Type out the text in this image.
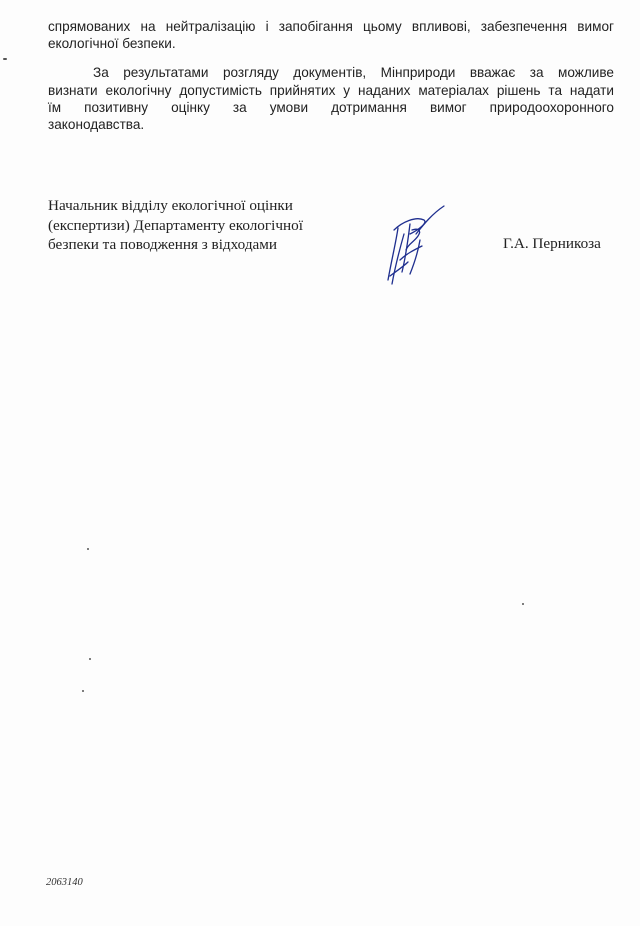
спрямованих на нейтралізацію і запобігання цьому впливові, забезпечення вимог
екологічної безпеки.

За результатами розгляду документів, Мінприроди вважає за можливе
визнати екологічну допустимість прийнятих у наданих матеріалах рішень та надати
їм позитивну оцінку за умови дотримання вимог природоохоронного
законодавства.

Начальник відділу екологічної оцінки
(експертизи) Департаменту екологічної
безпеки та поводження з відходами	Г.А. Перникоза
2063140
